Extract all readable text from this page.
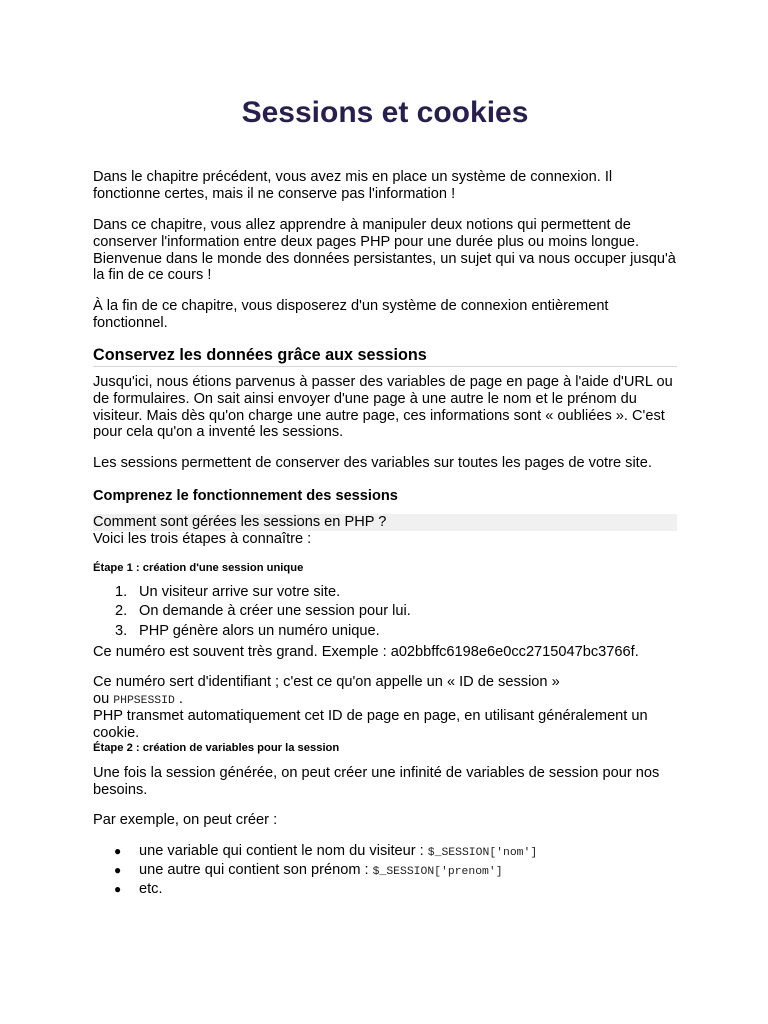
Sessions et cookies

Dans le chapitre précédent, vous avez mis en place un système de connexion. Il fonctionne certes, mais il ne conserve pas l'information !

Dans ce chapitre, vous allez apprendre à manipuler deux notions qui permettent de conserver l'information entre deux pages PHP pour une durée plus ou moins longue. Bienvenue dans le monde des données persistantes, un sujet qui va nous occuper jusqu'à la fin de ce cours !

À la fin de ce chapitre, vous disposerez d'un système de connexion entièrement fonctionnel.

Conservez les données grâce aux sessions

Jusqu'ici, nous étions parvenus à passer des variables de page en page à l'aide d'URL ou de formulaires. On sait ainsi envoyer d'une page à une autre le nom et le prénom du visiteur. Mais dès qu'on charge une autre page, ces informations sont « oubliées ». C'est pour cela qu'on a inventé les sessions.

Les sessions permettent de conserver des variables sur toutes les pages de votre site.

Comprenez le fonctionnement des sessions

Comment sont gérées les sessions en PHP ?

Voici les trois étapes à connaître :

Étape 1 : création d'une session unique
1. Un visiteur arrive sur votre site.
2. On demande à créer une session pour lui.
3. PHP génère alors un numéro unique.

Ce numéro est souvent très grand. Exemple : a02bbffc6198e6e0cc2715047bc3766f.

Ce numéro sert d'identifiant ; c'est ce qu'on appelle un « ID de session »

ou PHPSESSID .

PHP transmet automatiquement cet ID de page en page, en utilisant généralement un cookie.

Étape 2 : création de variables pour la session

Une fois la session générée, on peut créer une infinité de variables de session pour nos besoins.

Par exemple, on peut créer :

● une variable qui contient le nom du visiteur : $_SESSION['nom']
● une autre qui contient son prénom : $_SESSION['prenom']
● etc.
